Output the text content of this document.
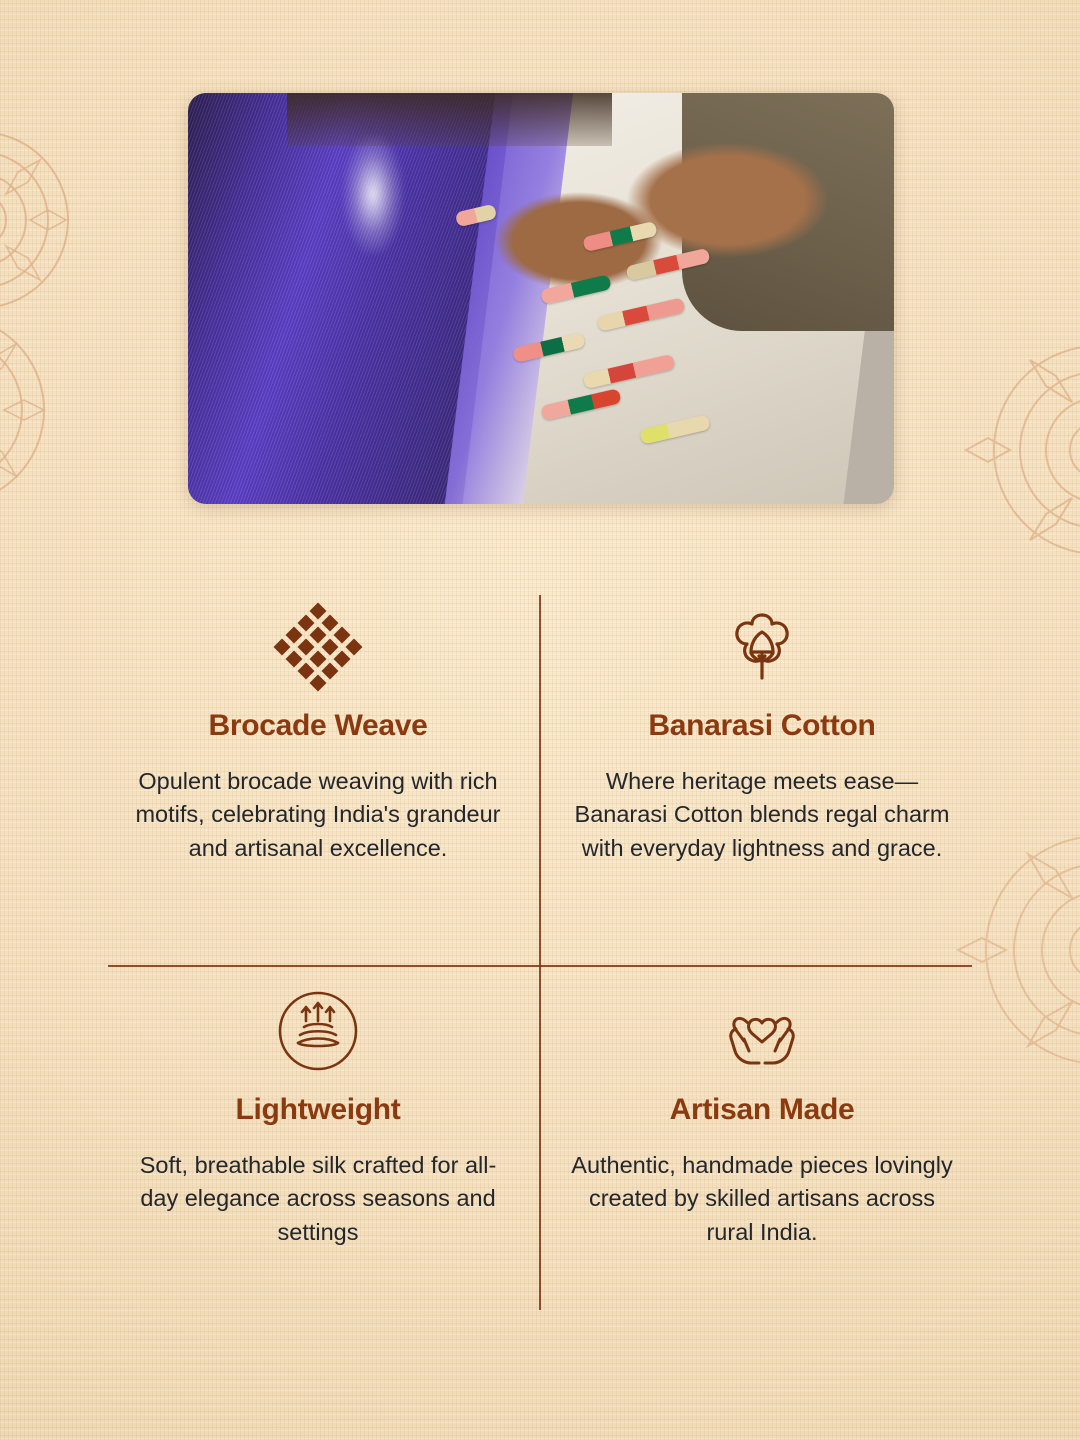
Brocade Weave

Opulent brocade weaving with rich motifs, celebrating India's grandeur and artisanal excellence.

Banarasi Cotton

Where heritage meets ease—Banarasi Cotton blends regal charm with everyday lightness and grace.

Lightweight

Soft, breathable silk crafted for all-day elegance across seasons and settings

Artisan Made

Authentic, handmade pieces lovingly created by skilled artisans across rural India.
